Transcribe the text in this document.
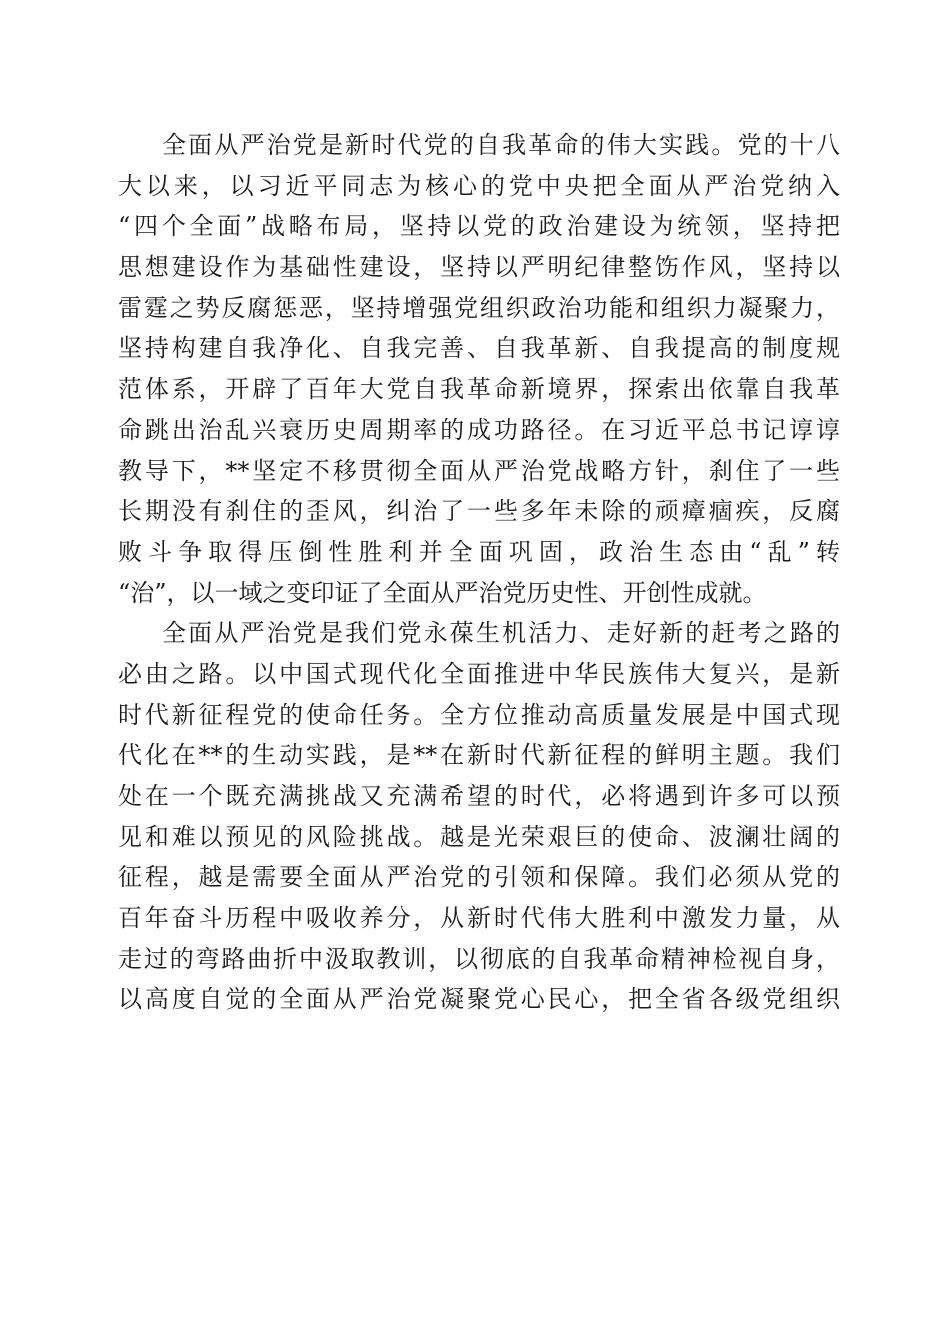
全面从严治党是新时代党的自我革命的伟大实践。党的十八
大以来，以习近平同志为核心的党中央把全面从严治党纳入
“四个全面”战略布局，坚持以党的政治建设为统领，坚持把
思想建设作为基础性建设，坚持以严明纪律整饬作风，坚持以
雷霆之势反腐惩恶，坚持增强党组织政治功能和组织力凝聚力，
坚持构建自我净化、自我完善、自我革新、自我提高的制度规
范体系，开辟了百年大党自我革命新境界，探索出依靠自我革
命跳出治乱兴衰历史周期率的成功路径。在习近平总书记谆谆
教导下，**坚定不移贯彻全面从严治党战略方针，刹住了一些
长期没有刹住的歪风，纠治了一些多年未除的顽瘴痼疾，反腐
败斗争取得压倒性胜利并全面巩固，政治生态由“乱”转
“治”，以一域之变印证了全面从严治党历史性、开创性成就。
全面从严治党是我们党永葆生机活力、走好新的赶考之路的
必由之路。以中国式现代化全面推进中华民族伟大复兴，是新
时代新征程党的使命任务。全方位推动高质量发展是中国式现
代化在**的生动实践，是**在新时代新征程的鲜明主题。我们
处在一个既充满挑战又充满希望的时代，必将遇到许多可以预
见和难以预见的风险挑战。越是光荣艰巨的使命、波澜壮阔的
征程，越是需要全面从严治党的引领和保障。我们必须从党的
百年奋斗历程中吸收养分，从新时代伟大胜利中激发力量，从
走过的弯路曲折中汲取教训，以彻底的自我革命精神检视自身，
以高度自觉的全面从严治党凝聚党心民心，把全省各级党组织
